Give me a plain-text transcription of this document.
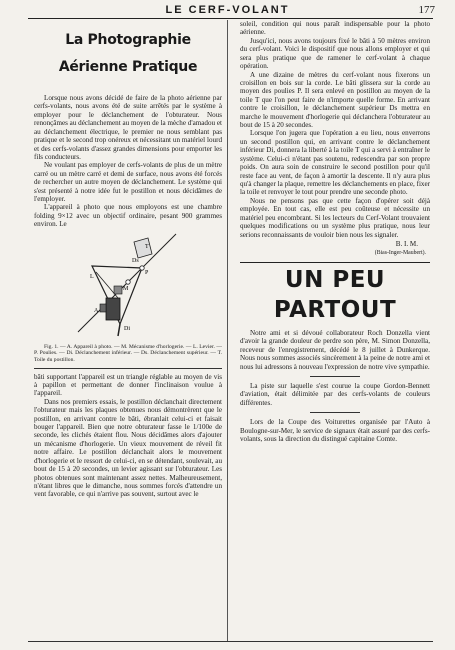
LE CERF-VOLANT	177
La Photographie
Aérienne Pratique

Lorsque nous avons décidé de faire de la photo aérienne par cerfs-volants, nous avons été de suite arrêtés par le système à employer pour le déclanchement de l'obturateur. Nous renonçâmes au déclanchement au moyen de la mèche d'amadou et au déclanchement électrique, le premier ne nous semblant pas pratique et le second trop onéreux et nécessitant un matériel lourd et des cerfs-volants d'assez grandes dimensions pour emporter les fils conducteurs.

Ne voulant pas employer de cerfs-volants de plus de un mètre carré ou un mètre carré et demi de surface, nous avons été forcés de rechercher un autre moyen de déclanchement. Le système qui s'est présenté à notre idée fut le postillon et nous décidâmes de l'employer.

L'appareil à photo que nous employons est une chambre folding 9×12 avec un objectif ordinaire, pesant 900 grammes environ. Le

T
Ds
P
M
L
A
Di

Fig. 1. — A. Appareil à photo. — M. Mécanisme d'horlogerie. — L. Levier. — P. Poulies. — Di. Déclanchement inférieur. — Ds. Déclanchement supérieur. — T. Toile du postillon.

bâti supportant l'appareil est un triangle réglable au moyen de vis à papillon et permettant de donner l'inclinaison voulue à l'appareil.

Dans nos premiers essais, le postillon déclanchait directement l'obturateur mais les plaques obtenues nous démontrèrent que le postillon, en arrivant contre le bâti, ébranlait celui-ci et faisait bouger l'appareil. Bien que notre obturateur fasse le 1/100e de seconde, les clichés étaient flou. Nous décidâmes alors d'ajouter un mécanisme d'horlogerie. Un vieux mouvement de réveil fit notre affaire. Le postillon déclanchait alors le mouvement d'horlogerie et le ressort de celui-ci, en se détendant, soulevait, au bout de 15 à 20 secondes, un levier agissant sur l'obturateur. Les photos obtenues sont maintenant assez nettes. Malheureusement, n'étant libres que le dimanche, nous sommes forcés d'attendre un vent favorable, ce qui n'arrive pas souvent, surtout avec le

soleil, condition qui nous paraît indispensable pour la photo aérienne.

Jusqu'ici, nous avons toujours fixé le bâti à 50 mètres environ du cerf-volant. Voici le dispositif que nous allons employer et qui sera plus pratique que de ramener le cerf-volant à chaque opération.

A une dizaine de mètres du cerf-volant nous fixerons un croisillon en bois sur la corde. Le bâti glissera sur la corde au moyen des poulies P. Il sera enlevé en postillon au moyen de la toile T que l'on peut faire de n'importe quelle forme. En arrivant contre le croisillon, le déclanchement supérieur Ds mettra en marche le mouvement d'horlogerie qui déclanchera l'obturateur au bout de 15 à 20 secondes.

Lorsque l'on jugera que l'opération a eu lieu, nous enverrons un second postillon qui, en arrivant contre le déclanchement inférieur Di, donnera la liberté à la toile T qui a servi à entraîner le système. Celui-ci n'étant pas soutenu, redescendra par son propre poids. On aura soin de construire le second postillon pour qu'il reste face au vent, de façon à amortir la descente. Il n'y aura plus qu'à changer la plaque, remettre les déclanchements en place, fixer la toile et renvoyer le tout pour prendre une seconde photo.

Nous ne pensons pas que cette façon d'opérer soit déjà employée. En tout cas, elle est peu coûteuse et nécessite un matériel peu encombrant. Si les lecteurs du Cerf-Volant trouvaient quelques modifications ou un système plus pratique, nous leur serions reconnaissants de vouloir bien nous les signaler.

B. I. M.

(Bias-Inger-Maubert).

UN PEU PARTOUT

Notre ami et si dévoué collaborateur Roch Donzella vient d'avoir la grande douleur de perdre son père, M. Simon Donzella, receveur de l'enregistrement, décédé le 8 juillet à Dunkerque. Nous nous sommes associés sincèrement à la peine de notre ami et nous lui adressons à nouveau l'expression de notre vive sympathie.

La piste sur laquelle s'est courue la coupe Gordon-Bennett d'aviation, était délimitée par des cerfs-volants de couleurs différentes.

Lors de la Coupe des Voiturettes organisée par l'Auto à Boulogne-sur-Mer, le service de signaux était assuré par des cerfs-volants, sous la direction du distingué capitaine Comte.
